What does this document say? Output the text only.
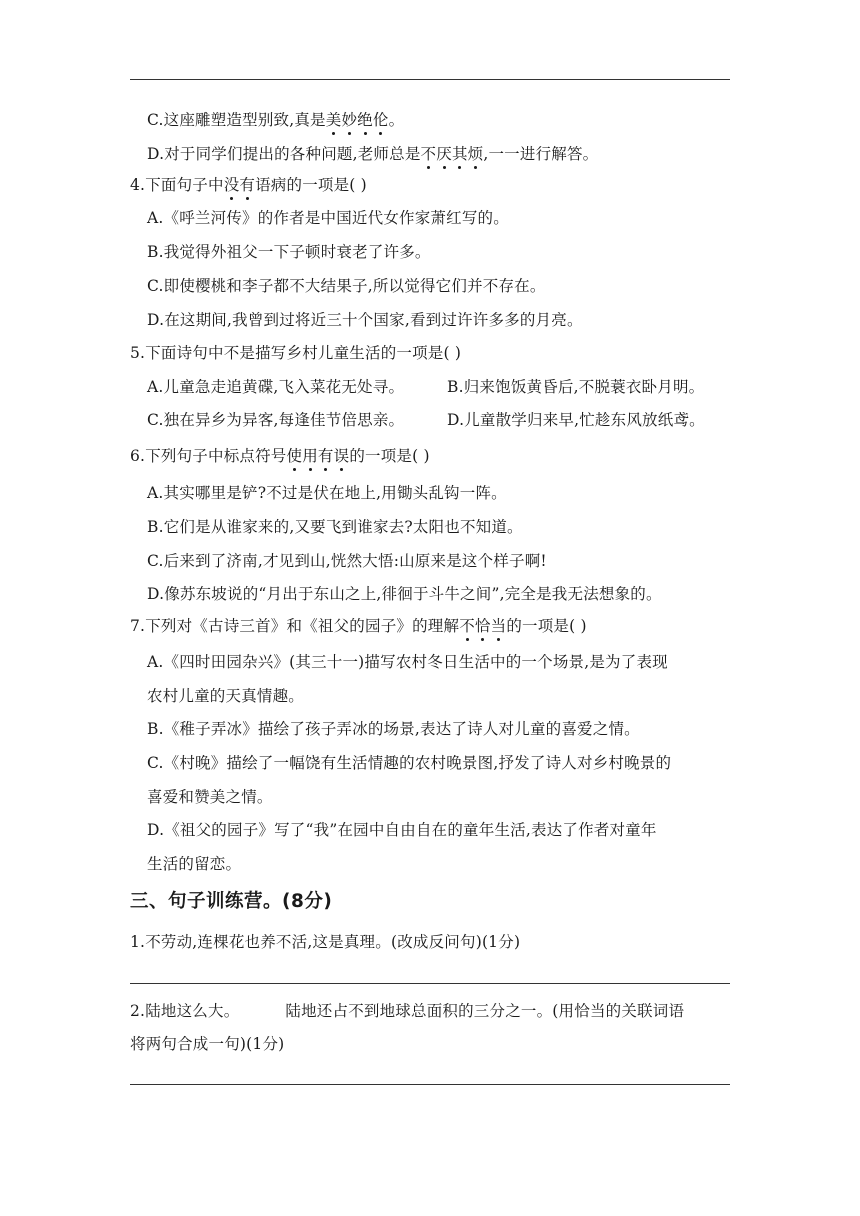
C.这座雕塑造型别致,真是美妙绝伦。
D.对于同学们提出的各种问题,老师总是不厌其烦,一一进行解答。
4.下面句子中没有语病的一项是( )
A.《呼兰河传》的作者是中国近代女作家萧红写的。
B.我觉得外祖父一下子顿时衰老了许多。
C.即使樱桃和李子都不大结果子,所以觉得它们并不存在。
D.在这期间,我曾到过将近三十个国家,看到过许许多多的月亮。
5.下面诗句中不是描写乡村儿童生活的一项是( )
A.儿童急走追黄碟,飞入菜花无处寻。	B.归来饱饭黄昏后,不脱蓑衣卧月明。
C.独在异乡为异客,每逢佳节倍思亲。	D.儿童散学归来早,忙趁东风放纸鸢。
6.下列句子中标点符号使用有误的一项是( )
A.其实哪里是铲?不过是伏在地上,用锄头乱钩一阵。
B.它们是从谁家来的,又要飞到谁家去?太阳也不知道。
C.后来到了济南,才见到山,恍然大悟:山原来是这个样子啊!
D.像苏东坡说的“月出于东山之上,徘徊于斗牛之间”,完全是我无法想象的。
7.下列对《古诗三首》和《祖父的园子》的理解不恰当的一项是( )
A.《四时田园杂兴》(其三十一)描写农村冬日生活中的一个场景,是为了表现
农村儿童的天真情趣。
B.《稚子弄冰》描绘了孩子弄冰的场景,表达了诗人对儿童的喜爱之情。
C.《村晚》描绘了一幅饶有生活情趣的农村晚景图,抒发了诗人对乡村晚景的
喜爱和赞美之情。
D.《祖父的园子》写了“我”在园中自由自在的童年生活,表达了作者对童年
生活的留恋。
三、句子训练营。(8分)
1.不劳动,连棵花也养不活,这是真理。(改成反问句)(1分)
2.陆地这么大。	陆地还占不到地球总面积的三分之一。(用恰当的关联词语
将两句合成一句)(1分)
